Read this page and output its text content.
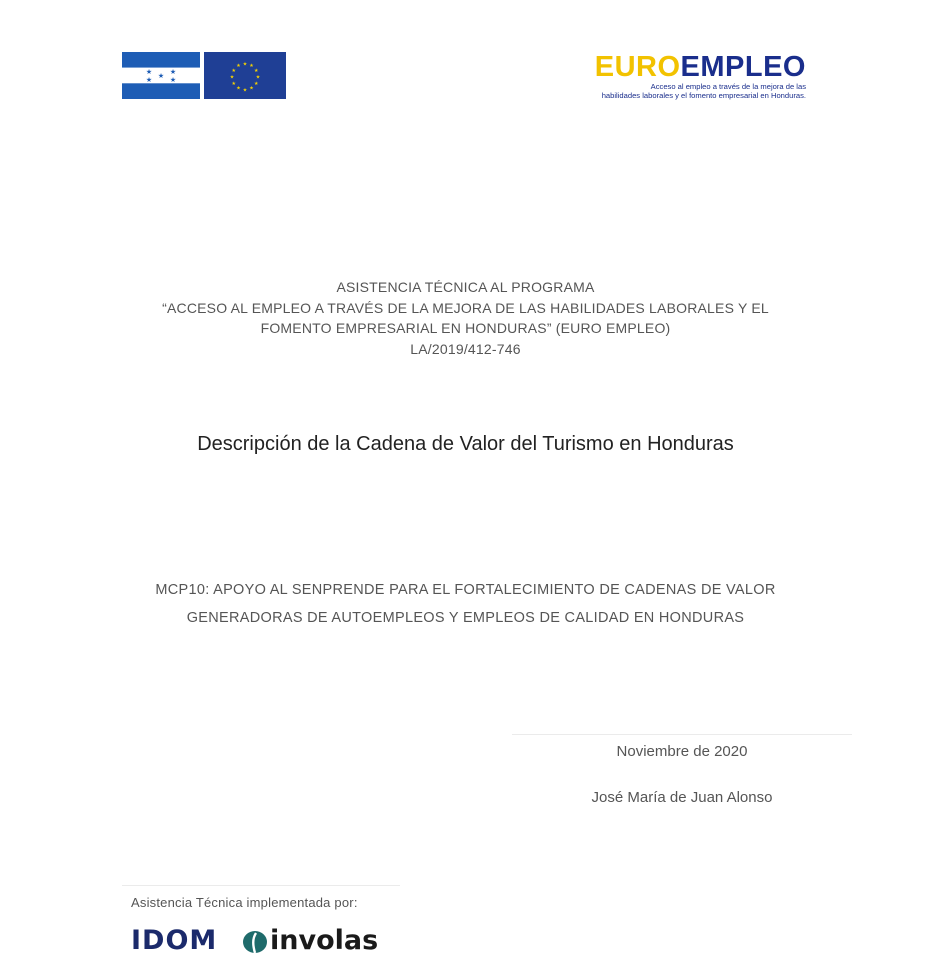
★	★
★
★	★
★ ★
★
★
★
★
★
★
★
★
★
★	EUROEMPLEO
Acceso al empleo a través de la mejora de las
habilidades laborales y el fomento empresarial en Honduras.
ASISTENCIA TÉCNICA AL PROGRAMA
“ACCESO AL EMPLEO A TRAVÉS DE LA MEJORA DE LAS HABILIDADES LABORALES Y EL
FOMENTO EMPRESARIAL EN HONDURAS” (EURO EMPLEO)
LA/2019/412-746
Descripción de la Cadena de Valor del Turismo en Honduras
MCP10: APOYO AL SENPRENDE PARA EL FORTALECIMIENTO DE CADENAS DE VALOR
GENERADORAS DE AUTOEMPLEOS Y EMPLEOS DE CALIDAD EN HONDURAS
Noviembre de 2020
José María de Juan Alonso
Asistencia Técnica implementada por:
IDOM involas
